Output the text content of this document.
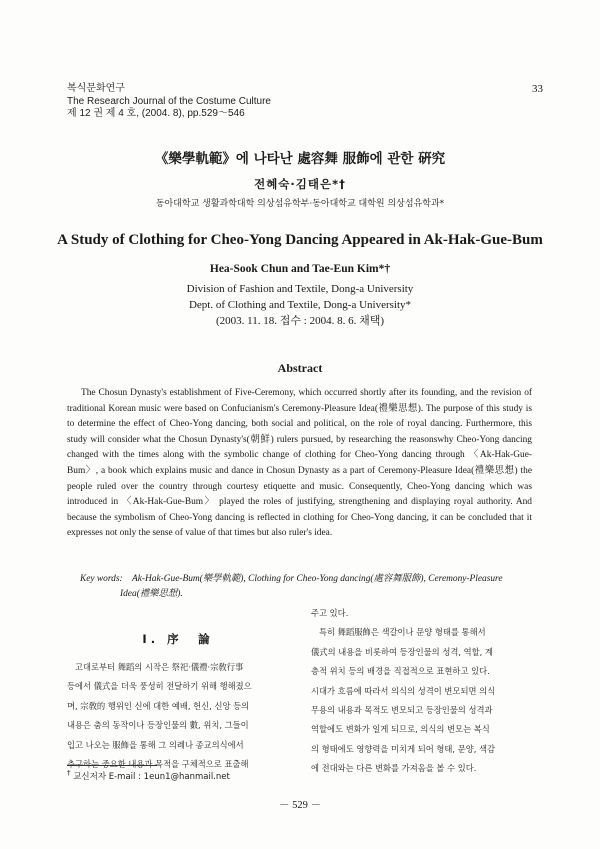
복식문화연구
The Research Journal of the Costume Culture
제 12 권 제 4 호, (2004. 8), pp.529～546
33
《樂學軌範》에 나타난 處容舞 服飾에 관한 硏究
전혜숙·김태은*†
동아대학교 생활과학대학 의상섬유학부·동아대학교 대학원 의상섬유학과*
A Study of Clothing for Cheo-Yong Dancing Appeared in Ak-Hak-Gue-Bum
Hea-Sook Chun and Tae-Eun Kim*†
Division of Fashion and Textile, Dong-a University
Dept. of Clothing and Textile, Dong-a University*
(2003. 11. 18. 접수 : 2004. 8. 6. 채택)
Abstract

The Chosun Dynasty's establishment of Five-Ceremony, which occurred shortly after its founding, and the revision of traditional Korean music were based on Confucianism's Ceremony-Pleasure Idea(禮樂思想). The purpose of this study is to determine the effect of Cheo-Yong dancing, both social and political, on the role of royal dancing. Furthermore, this study will consider what the Chosun Dynasty's(朝鮮) rulers pursued, by researching the reasonswhy Cheo-Yong dancing changed with the times along with the symbolic change of clothing for Cheo-Yong dancing through 〈Ak-Hak-Gue-Bum〉, a book which explains music and dance in Chosun Dynasty as a part of Ceremony-Pleasure Idea(禮樂思想) the people ruled over the country through courtesy etiquette and music. Consequently, Cheo-Yong dancing which was introduced in 〈Ak-Hak-Gue-Bum〉 played the roles of justifying, strengthening and displaying royal authority. And because the symbolism of Cheo-Yong dancing is reflected in clothing for Cheo-Yong dancing, it can be concluded that it expresses not only the sense of value of that times but also ruler's idea.

Key words: Ak-Hak-Gue-Bum(樂學軌範), Clothing for Cheo-Yong dancing(處容舞服飾), Ceremony-Pleasure
Idea(禮樂思想).
Ⅰ. 序　論
고대로부터 舞蹈의 시작은 祭祀·儀禮·宗敎行事
등에서 儀式을 더욱 풍성히 전달하기 위해 행해졌으
며, 宗敎的 행위인 신에 대한 예배, 헌신, 신앙 등의
내용은 춤의 동작이나 등장인물의 數, 위치, 그들이
입고 나오는 服飾을 통해 그 의례나 종교의식에서
추구하는 중요한 내용과 목적을 구체적으로 표출해
주고 있다.
특히 舞蹈服飾은 색갈이나 문양 형태를 통해서
儀式의 내용을 비롯하여 등장인물의 성격, 역할, 계
층적 위치 등의 배경을 직접적으로 표현하고 있다.
시대가 흐름에 따라서 의식의 성격이 변모되면 의식
무용의 내용과 목적도 변모되고 등장인물의 성격과
역할에도 변화가 일게 되므로, 의식의 변모는 복식
의 형태에도 영향력을 미치게 되어 형태, 문양, 색감
에 전대와는 다른 변화를 가져옴을 볼 수 있다.
† 교신저자 E-mail : 1eun1@hanmail.net
－ 529 －
